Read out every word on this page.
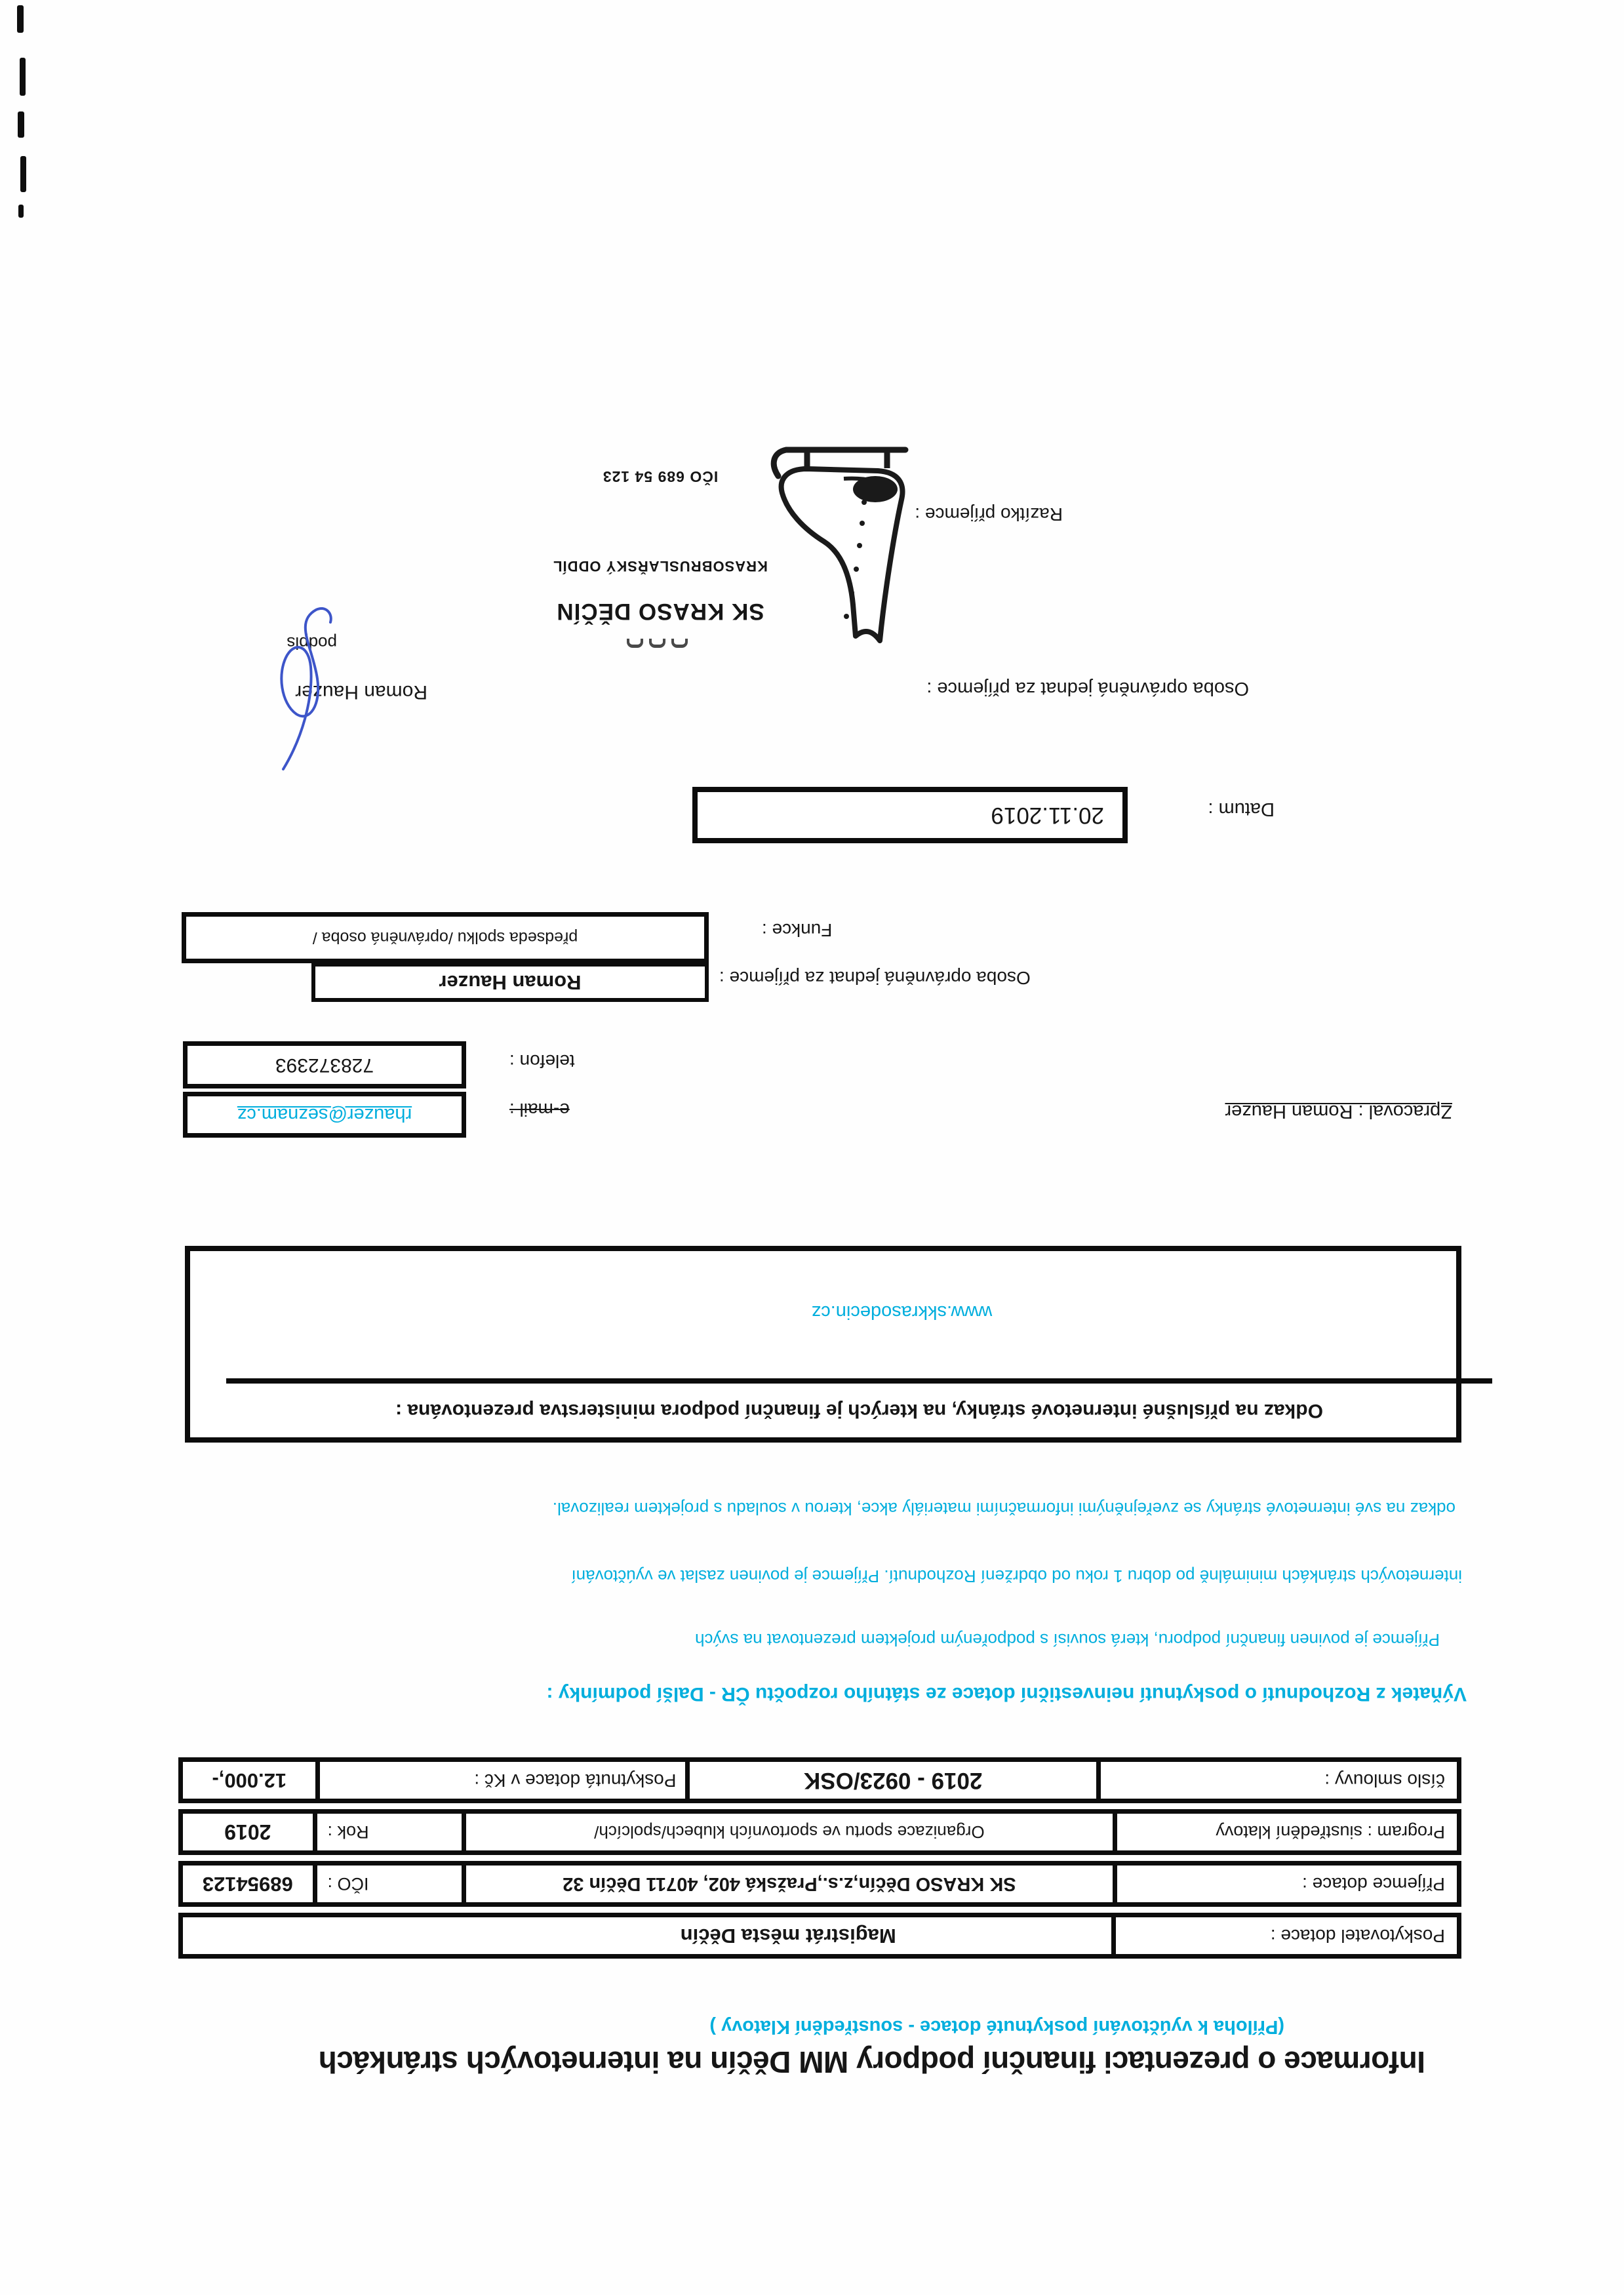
Informace o prezentaci finanční podpory MM Děčín na internetových stránkách
(Příloha k vyúčtování poskytnuté dotace - soustředění Klatovy )
Poskytovatel dotace :
Magistrát města Děčín
Příjemce dotace :
SK KRASO Děčín,z.s.,Pražská 402, 40711 Děčín 32
IČO :
68954123
Program : siustředění klatovy
Organizace sportu ve sportovních klubech/spolcích/
Rok :
2019
číslo smlouvy :
2019 - 0923/OSK
Poskytnutá dotace v Kč :
12.000,-
Výňatek z Rozhodnutí o poskytnutí neinvestiční dotace ze státního rozpočtu ČR - Další podmínky :
Příjemce je povinen finanční podporu, která souvisí s podpořeným projektem prezentovat na svých
internetových stránkách minimálně po dobru 1 roku od obdržení Rozhodnutí. Příjemce je povinen zaslat ve vyúčtování
odkaz na své internetové stránky se zveřejněnými informačními materiály akce, kterou v souladu s projektem realizoval.
Odkaz na příslušné internetové stránky, na kterých je finanční podpora ministerstva prezentována :
www.skkrasodecin.cz
Zpracoval : Roman Hauzer
e-mail :
rhauzer@seznam.cz
telefon :
728372393
Osoba oprávněná jednat za příjemce :
Roman Hauzer
Funkce :
předseda spolku /oprávněná osoba /
Datum :
20.11.2019
Osoba oprávněná jednat za příjemce :
Roman Hauzer
podpis
Razítko příjemce :
SK KRASO DĚČÍN
KRASOBRUSLAŘSKÝ ODDÍL
IČO 689 54 123
